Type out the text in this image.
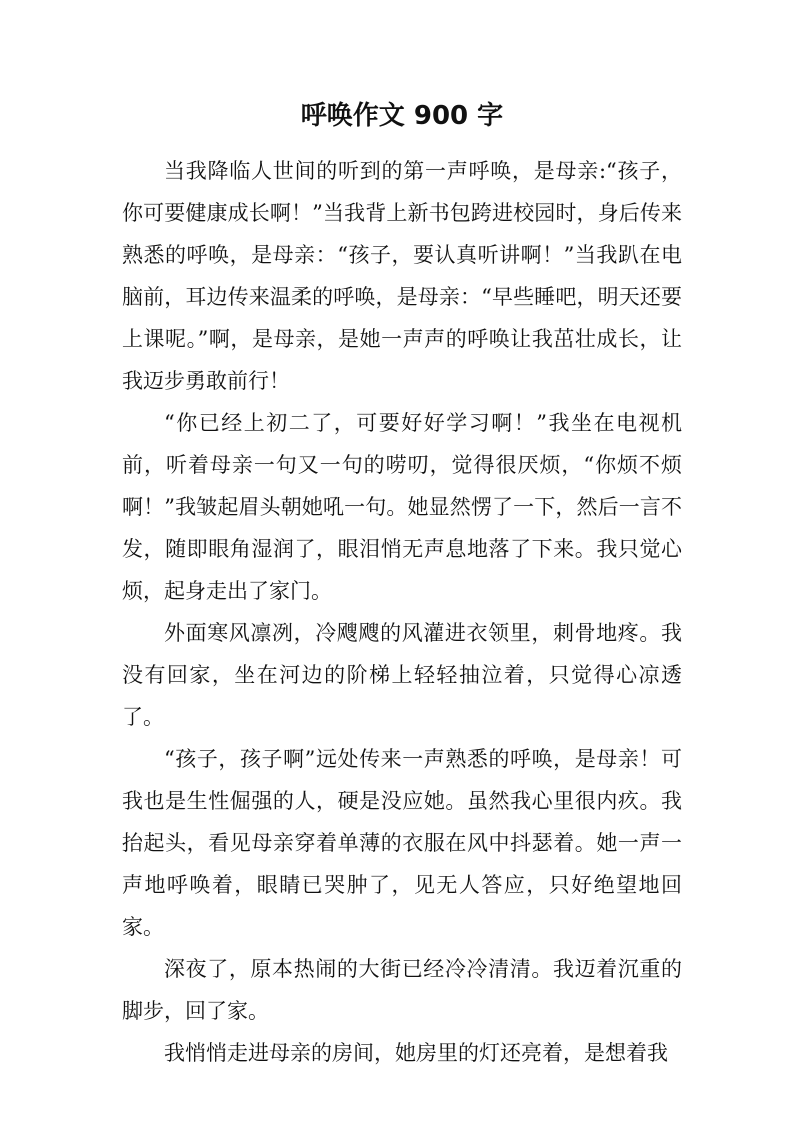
呼唤作文 900 字

当我降临人世间的听到的第一声呼唤，是母亲:“孩子，你可要健康成长啊！”当我背上新书包跨进校园时，身后传来熟悉的呼唤，是母亲：“孩子，要认真听讲啊！”当我趴在电脑前，耳边传来温柔的呼唤，是母亲：“早些睡吧，明天还要上课呢。”啊，是母亲，是她一声声的呼唤让我茁壮成长，让我迈步勇敢前行！

“你已经上初二了，可要好好学习啊！”我坐在电视机前，听着母亲一句又一句的唠叨，觉得很厌烦，“你烦不烦啊！”我皱起眉头朝她吼一句。她显然愣了一下，然后一言不发，随即眼角湿润了，眼泪悄无声息地落了下来。我只觉心烦，起身走出了家门。

外面寒风凛冽，冷飕飕的风灌进衣领里，刺骨地疼。我没有回家，坐在河边的阶梯上轻轻抽泣着，只觉得心凉透了。

“孩子，孩子啊”远处传来一声熟悉的呼唤，是母亲！可我也是生性倔强的人，硬是没应她。虽然我心里很内疚。我抬起头，看见母亲穿着单薄的衣服在风中抖瑟着。她一声一声地呼唤着，眼睛已哭肿了，见无人答应，只好绝望地回家。

深夜了，原本热闹的大街已经冷冷清清。我迈着沉重的脚步，回了家。

我悄悄走进母亲的房间，她房里的灯还亮着，是想着我
